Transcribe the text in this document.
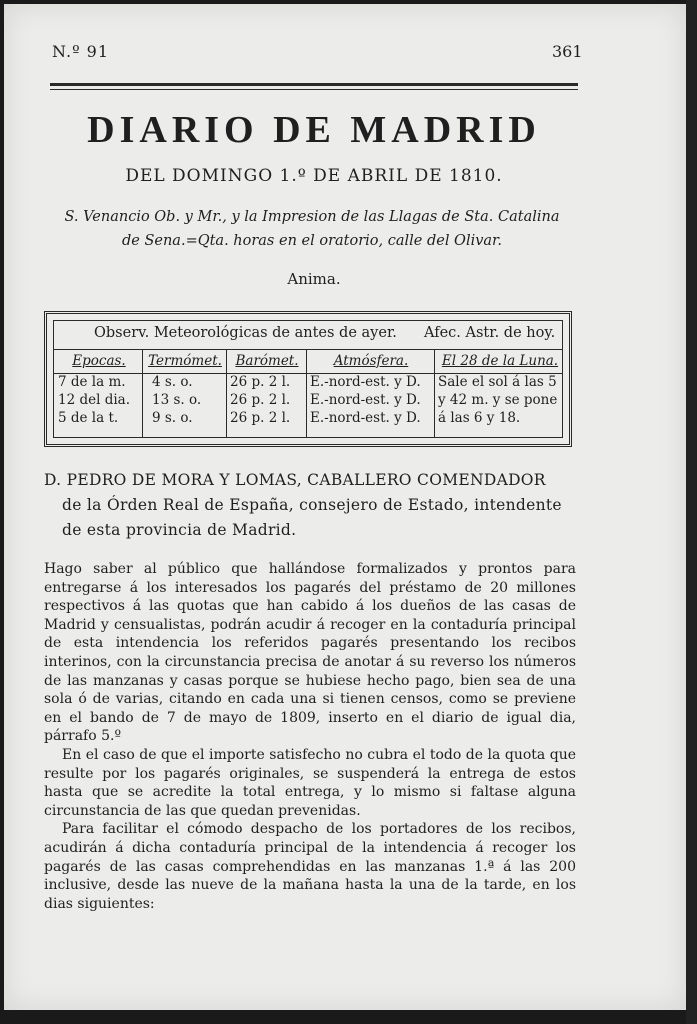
N.º 91	361
DIARIO DE MADRID
DEL DOMINGO 1.º DE ABRIL DE 1810.
S. Venancio Ob. y Mr., y la Impresion de las Llagas de Sta. Catalina de Sena.=Qta. horas en el oratorio, calle del Olivar.
Anima.
Observ. Meteorológicas de antes de ayer. Afec. Astr. de hoy.
Epocas.
7 de la m.
12 del dia.
5 de la t.
Termómet.
4 s. o.
13 s. o.
9 s. o.
Barómet.
26 p. 2 l.
26 p. 2 l.
26 p. 2 l.
Atmósfera.
E.-nord-est. y D.
E.-nord-est. y D.
E.-nord-est. y D.
El 28 de la Luna.
Sale el sol á las 5
y 42 m. y se pone
á las 6 y 18.
D. PEDRO DE MORA Y LOMAS, CABALLERO COMENDADOR
de la Órden Real de España, consejero de Estado, intendente de esta provincia de Madrid.

Hago saber al público que hallándose formalizados y prontos para entregarse á los interesados los pagarés del préstamo de 20 millones respectivos á las quotas que han cabido á los dueños de las casas de Madrid y censualistas, podrán acudir á recoger en la contaduría principal de esta intendencia los referidos pagarés presentando los recibos interinos, con la circunstancia precisa de anotar á su reverso los números de las manzanas y casas porque se hubiese hecho pago, bien sea de una sola ó de varias, citando en cada una si tienen censos, como se previene en el bando de 7 de mayo de 1809, inserto en el diario de igual dia, párrafo 5.º

En el caso de que el importe satisfecho no cubra el todo de la quota que resulte por los pagarés originales, se suspenderá la entrega de estos hasta que se acredite la total entrega, y lo mismo si faltase alguna circunstancia de las que quedan prevenidas.

Para facilitar el cómodo despacho de los portadores de los recibos, acudirán á dicha contaduría principal de la intendencia á recoger los pagarés de las casas comprehendidas en las manzanas 1.ª á las 200 inclusive, desde las nueve de la mañana hasta la una de la tarde, en los dias siguientes:
